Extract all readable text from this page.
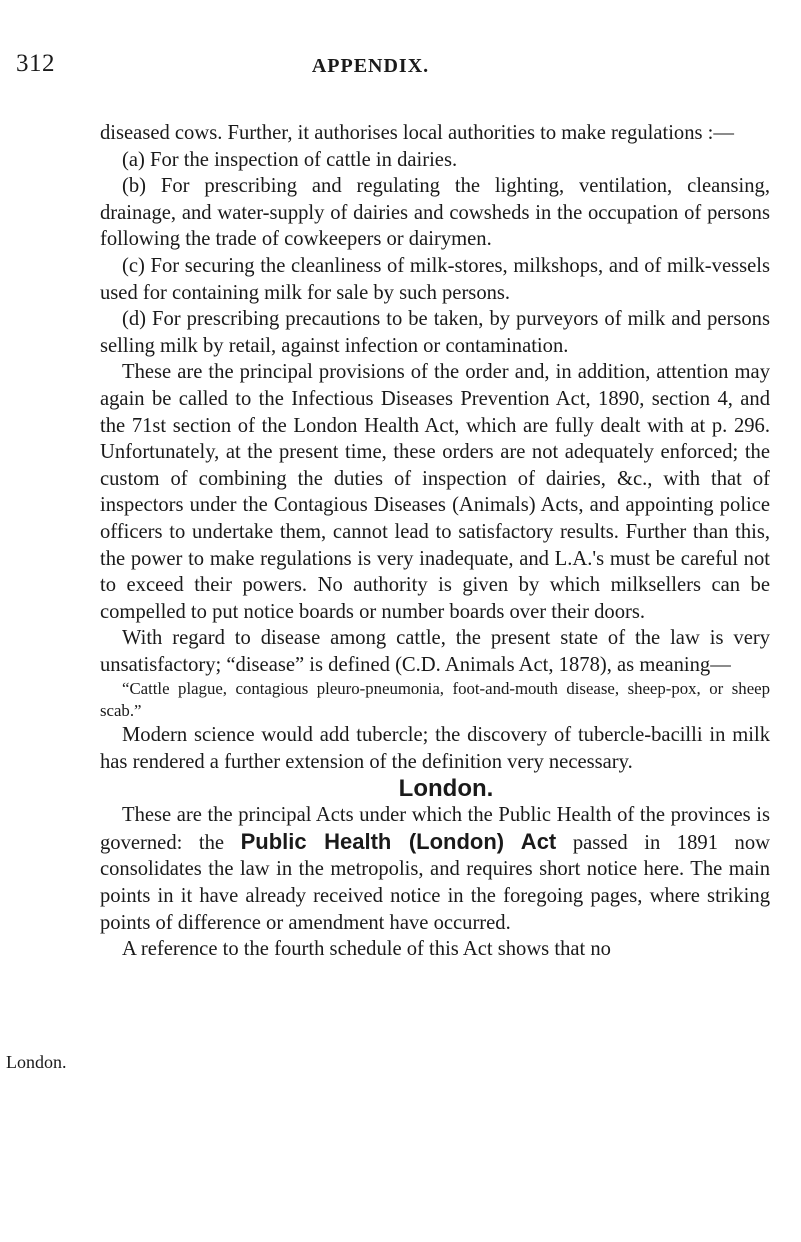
312	APPENDIX.

diseased cows. Further, it authorises local authorities to make regulations :—

(a) For the inspection of cattle in dairies.

(b) For prescribing and regulating the lighting, ventilation, cleansing, drainage, and water-supply of dairies and cowsheds in the occupation of persons following the trade of cowkeepers or dairymen.

(c) For securing the cleanliness of milk-stores, milkshops, and of milk-vessels used for containing milk for sale by such persons.

(d) For prescribing precautions to be taken, by purveyors of milk and persons selling milk by retail, against infection or contamination.

These are the principal provisions of the order and, in addition, attention may again be called to the Infectious Diseases Prevention Act, 1890, section 4, and the 71st section of the London Health Act, which are fully dealt with at p. 296. Unfortunately, at the present time, these orders are not adequately enforced; the custom of combining the duties of inspection of dairies, &c., with that of inspectors under the Contagious Diseases (Animals) Acts, and appointing police officers to undertake them, cannot lead to satisfactory results. Further than this, the power to make regulations is very inadequate, and L.A.'s must be careful not to exceed their powers. No authority is given by which milksellers can be compelled to put notice boards or number boards over their doors.

With regard to disease among cattle, the present state of the law is very unsatisfactory; “disease” is defined (C.D. Animals Act, 1878), as meaning—

“Cattle plague, contagious pleuro-pneumonia, foot-and-mouth disease, sheep-pox, or sheep scab.”

Modern science would add tubercle; the discovery of tubercle-bacilli in milk has rendered a further extension of the definition very necessary.

London.

These are the principal Acts under which the Public Health of the provinces is governed: the Public Health (London) Act passed in 1891 now consolidates the law in the metropolis, and requires short notice here. The main points in it have already received notice in the foregoing pages, where striking points of difference or amendment have occurred.

A reference to the fourth schedule of this Act shows that no

London.
